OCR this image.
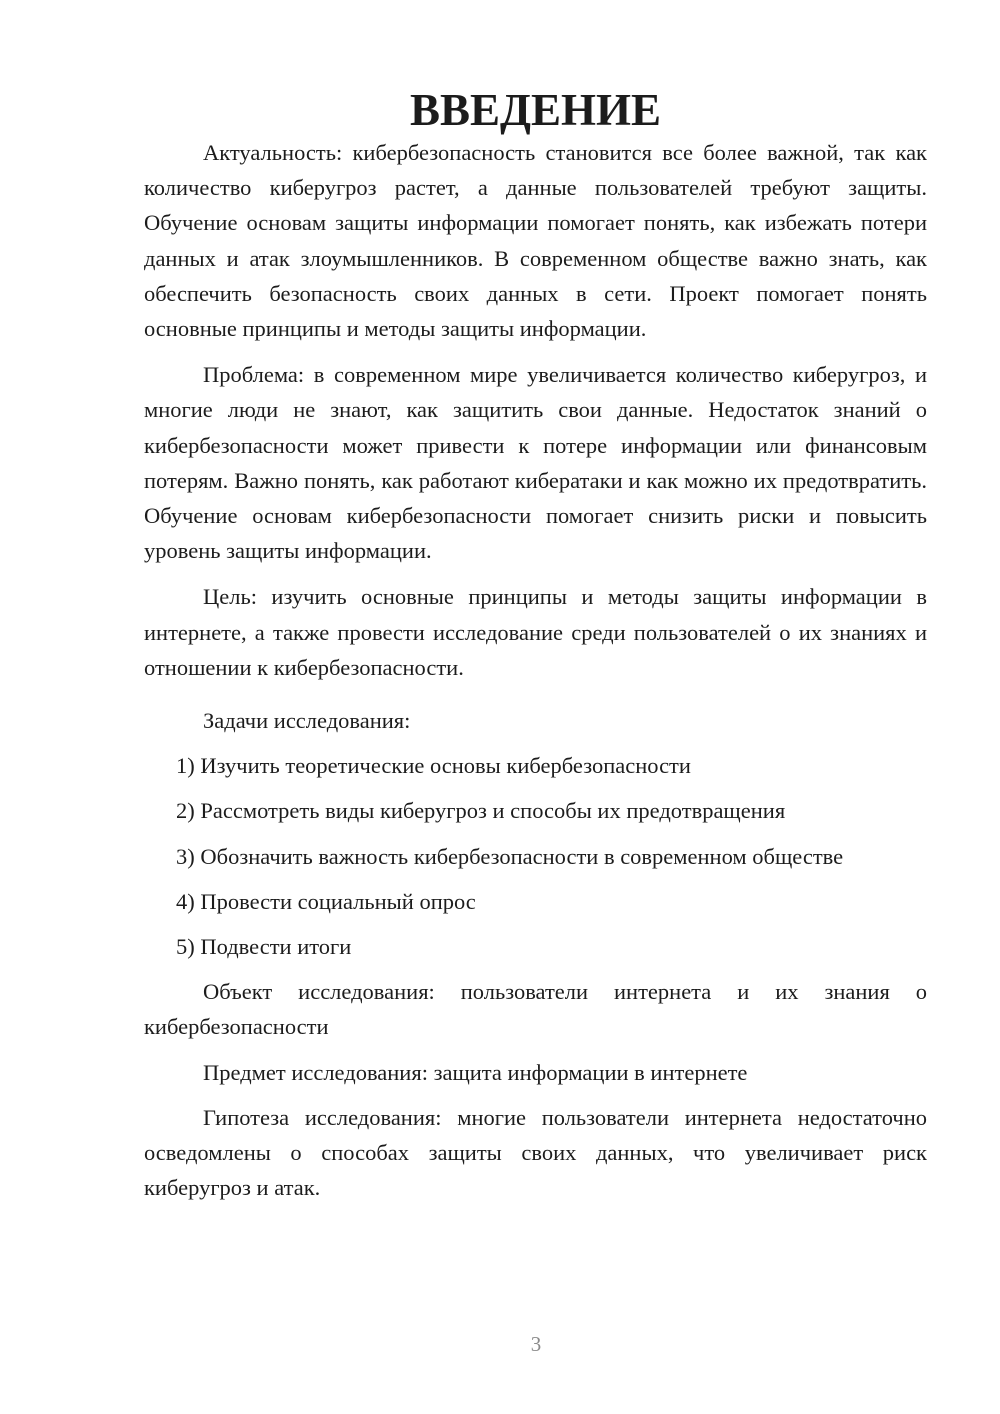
ВВЕДЕНИЕ

Актуальность: кибербезопасность становится все более важной, так как количество киберугроз растет, а данные пользователей требуют защиты. Обучение основам защиты информации помогает понять, как избежать потери данных и атак злоумышленников. В современном обществе важно знать, как обеспечить безопасность своих данных в сети. Проект помогает понять основные принципы и методы защиты информации.

Проблема: в современном мире увеличивается количество киберугроз, и многие люди не знают, как защитить свои данные. Недостаток знаний о кибербезопасности может привести к потере информации или финансовым потерям. Важно понять, как работают кибератаки и как можно их предотвратить. Обучение основам кибербезопасности помогает снизить риски и повысить уровень защиты информации.

Цель: изучить основные принципы и методы защиты информации в интернете, а также провести исследование среди пользователей о их знаниях и отношении к кибербезопасности.

Задачи исследования:

1) Изучить теоретические основы кибербезопасности

2) Рассмотреть виды киберугроз и способы их предотвращения

3) Обозначить важность кибербезопасности в современном обществе

4) Провести социальный опрос

5) Подвести итоги

Объект исследования: пользователи интернета и их знания о кибербезопасности

Предмет исследования: защита информации в интернете

Гипотеза исследования: многие пользователи интернета недостаточно осведомлены о способах защиты своих данных, что увеличивает риск киберугроз и атак.

3
